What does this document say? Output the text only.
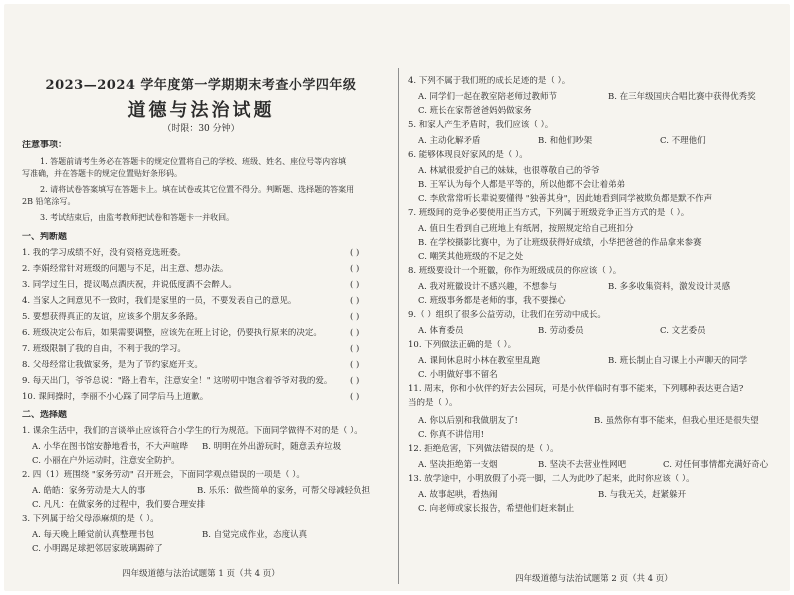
2023—2024 学年度第一学期期末考查小学四年级
道德与法治试题
（时限：30 分钟）
注意事项：
1. 答题前请考生务必在答题卡的规定位置将自己的学校、班级、姓名、座位号等内容填
写准确，并在答题卡的规定位置贴好条形码。
2. 请将试卷答案填写在答题卡上。填在试卷或其它位置不得分。判断题、选择题的答案用
2B 铅笔涂写。
3. 考试结束后，由监考教师把试卷和答题卡一并收回。
一、判断题
1. 我的学习成绩不好，没有资格竞选班委。	( )
2. 李娟经常针对班级的问题与不足，出主意、想办法。	( )
3. 同学过生日，提议喝点酒庆祝，并说低度酒不会醉人。	( )
4. 当家人之间意见不一致时，我们是家里的一员，不要发表自己的意见。	( )
5. 要想获得真正的友谊，应该多个朋友多条路。	( )
6. 班级决定公布后，如果需要调整，应该先在班上讨论，仍要执行原来的决定。	( )
7. 班级限制了我的自由，不利于我的学习。	( )
8. 父母经常让我做家务，是为了节约家庭开支。	( )
9. 每天出门，爷爷总说："路上看车，注意安全！" 这唠叨中饱含着爷爷对我的爱。	( )
10. 课间操时，李丽不小心踩了同学后马上道歉。	( )
二、选择题
1. 课余生活中，我们的言谈举止应该符合小学生的行为规范。下面同学做得不对的是（ ）。
A. 小华在图书馆安静地看书，不大声喧哗	B. 明明在外出游玩时，随意丢弃垃圾
C. 小丽在户外运动时，注意安全防护。
2. 四（1）班围绕 "家务劳动" 召开班会，下面同学观点错误的一项是（ ）。
A. 皓皓：家务劳动是大人的事	B. 乐乐：做些简单的家务，可帮父母减轻负担
C. 凡凡：在做家务的过程中，我们要合理安排
3. 下列属于给父母添麻烦的是（ ）。
A. 每天晚上睡觉前认真整理书包	B. 自觉完成作业，态度认真
C. 小明踢足球把邻居家玻璃踢碎了
四年级道德与法治试题第 1 页（共 4 页）
4. 下列不属于我们班的成长足迹的是（ ）。
A. 同学们一起在教室陪老师过教师节	B. 在三年级国庆合唱比赛中获得优秀奖
C. 班长在家帮爸爸妈妈做家务
5. 和家人产生矛盾时，我们应该（ ）。
A. 主动化解矛盾	B. 和他们吵架	C. 不理他们
6. 能够体现良好家风的是（ ）。
A. 林斌很爱护自己的妹妹，也很尊敬自己的爷爷
B. 王军认为每个人都是平等的，所以他都不会让着弟弟
C. 李欣常常听长辈说要懂得 "独善其身"，因此她看到同学被欺负都是默不作声
7. 班级间的竞争必要使用正当方式，下列属于班级竞争正当方式的是（ ）。
A. 值日生看到自己班地上有纸屑，按照规定给自己班扣分
B. 在学校摄影比赛中，为了让班级获得好成绩，小华把爸爸的作品拿来参赛
C. 嘲笑其他班级的不足之处
8. 班级要设计一个班徽，你作为班级成员的你应该（ ）。
A. 我对班徽设计不感兴趣，不想参与	B. 多多收集资料，激发设计灵感
C. 班级事务都是老师的事，我不要操心
9.（ ）组织了很多公益劳动，让我们在劳动中成长。
A. 体育委员	B. 劳动委员	C. 文艺委员
10. 下列做法正确的是（ ）。
A. 课间休息时小林在教室里乱跑	B. 班长制止自习课上小声聊天的同学
C. 小明做好事不留名
11. 周末，你和小伙伴约好去公园玩，可是小伙伴临时有事不能来，下列哪种表达更合适?
当的是（ ）。
A. 你以后别和我做朋友了!	B. 虽然你有事不能来，但我心里还是很失望
C. 你真不讲信用!
12. 拒绝危害，下列做法错误的是（ ）。
A. 坚决拒绝第一支烟	B. 坚决不去营业性网吧	C. 对任何事情都充满好奇心
13. 放学途中，小明放假了小亮一脚，二人为此吵了起来，此时你应该（ ）。
A. 故事起哄，看热闹	B. 与我无关，赶紧躲开
C. 向老师或家长报告，希望他们赶来制止
四年级道德与法治试题第 2 页（共 4 页）
